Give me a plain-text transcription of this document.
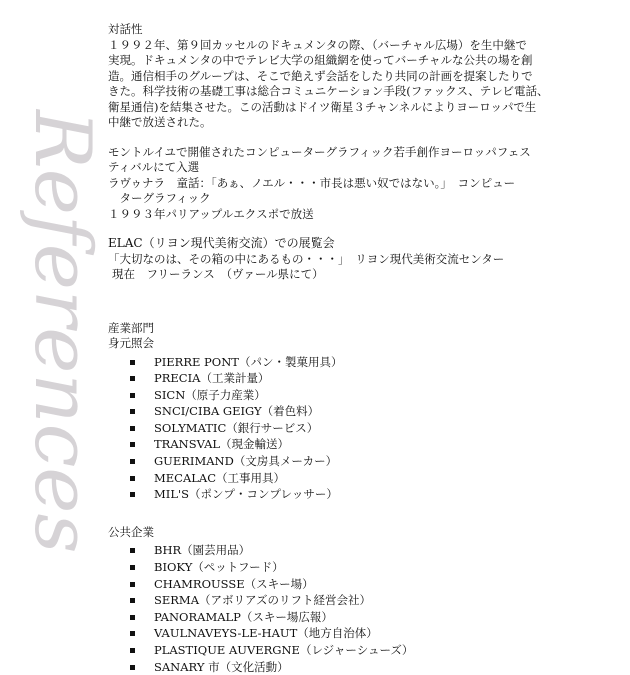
References
対話性
１９９２年、第９回カッセルのドキュメンタの際、（バーチャル広場）を生中継で
実現。ドキュメンタの中でテレビ大学の組織網を使ってバーチャルな公共の場を創
造。通信相手のグループは、そこで絶えず会話をしたり共同の計画を提案したりで
きた。科学技術の基礎工事は総合コミュニケーション手段(ファックス、テレビ電話、
衛星通信)を結集させた。この活動はドイツ衛星３チャンネルによりヨーロッパで生
中継で放送された。
モントルイユで開催されたコンピューターグラフィック若手創作ヨーロッパフェス
ティバルにて入選
ラヴゥナラ　童話：「あぁ、ノエル・・・市長は悪い奴ではない。」　コンピュー
　ターグラフィック
１９９３年パリアップルエクスポで放送
ELAC（リヨン現代美術交流）での展覧会
「大切なのは、その箱の中にあるもの・・・」　リヨン現代美術交流センター
現在　フリーランス　（ヴァール県にて）
産業部門
身元照会
PIERRE PONT（パン・製菓用具）
PRECIA（工業計量）
SICN（原子力産業）
SNCI/CIBA GEIGY（着色料）
SOLYMATIC（銀行サービス）
TRANSVAL（現金輸送）
GUERIMAND（文房具メーカー）
MECALAC（工事用具）
MIL'S（ポンプ・コンプレッサー）
公共企業
BHR（園芸用品）
BIOKY（ペットフード）
CHAMROUSSE（スキー場）
SERMA（アボリアズのリフト経営会社）
PANORAMALP（スキー場広報）
VAULNAVEYS-LE-HAUT（地方自治体）
PLASTIQUE AUVERGNE（レジャーシューズ）
SANARY 市（文化活動）
